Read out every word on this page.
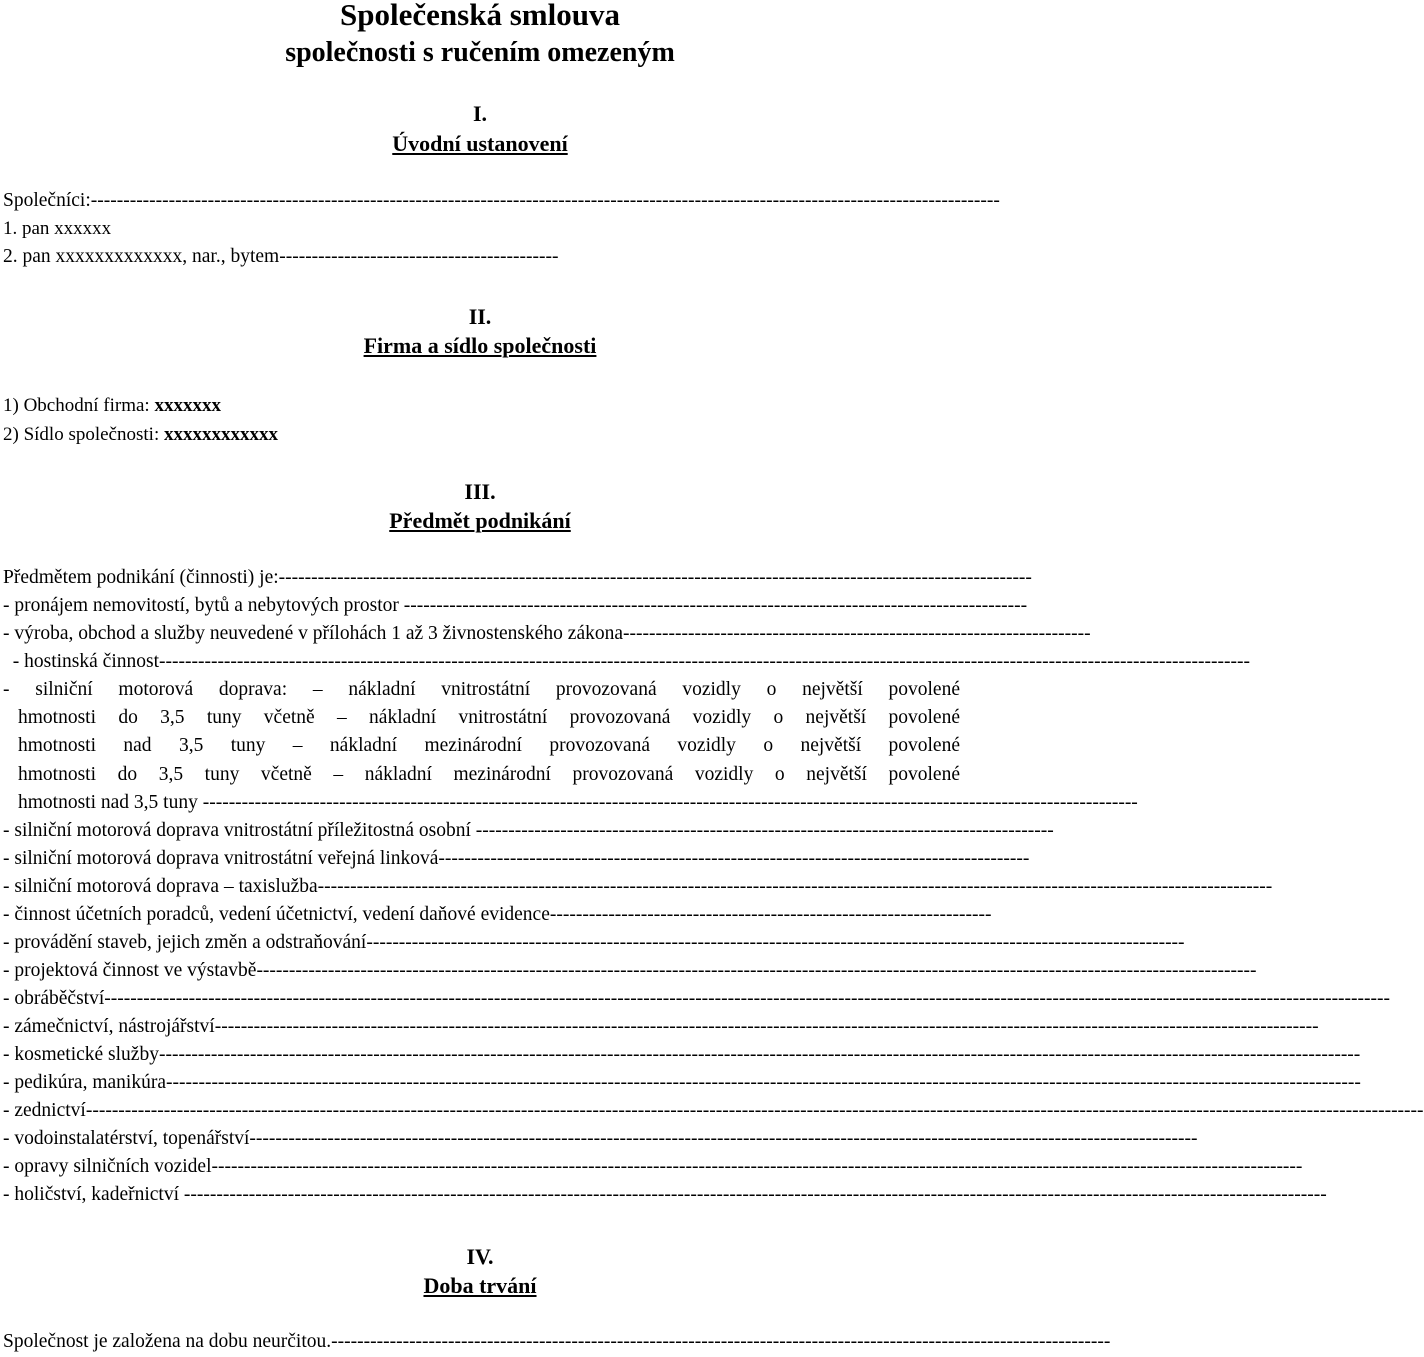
Společenská smlouva
společnosti s ručením omezeným
I.
Úvodní ustanovení
Společníci:--------------------------------------------------------------------------------------------------------------------------------------------
1. pan xxxxxx
2. pan xxxxxxxxxxxxx, nar., bytem-------------------------------------------
II.
Firma a sídlo společnosti
1) Obchodní firma: xxxxxxx
2) Sídlo společnosti: xxxxxxxxxxxx
III.
Předmět podnikání
Předmětem podnikání (činnosti) je:--------------------------------------------------------------------------------------------------------------------
- pronájem nemovitostí, bytů a nebytových prostor ------------------------------------------------------------------------------------------------
- výroba, obchod a služby neuvedené v přílohách 1 až 3 živnostenského zákona------------------------------------------------------------------------
- hostinská činnost------------------------------------------------------------------------------------------------------------------------------------------------------------------------
- silniční motorová doprava: – nákladní vnitrostátní provozovaná vozidly o největší povolené
hmotnosti do 3,5 tuny včetně – nákladní vnitrostátní provozovaná vozidly o největší povolené
hmotnosti nad 3,5 tuny – nákladní mezinárodní provozovaná vozidly o největší povolené
hmotnosti do 3,5 tuny včetně – nákladní mezinárodní provozovaná vozidly o největší povolené
hmotnosti nad 3,5 tuny ------------------------------------------------------------------------------------------------------------------------------------------------
- silniční motorová doprava vnitrostátní příležitostná osobní -----------------------------------------------------------------------------------------
- silniční motorová doprava vnitrostátní veřejná linková-------------------------------------------------------------------------------------------
- silniční motorová doprava – taxislužba---------------------------------------------------------------------------------------------------------------------------------------------------
- činnost účetních poradců, vedení účetnictví, vedení daňové evidence--------------------------------------------------------------------
- provádění staveb, jejich změn a odstraňování------------------------------------------------------------------------------------------------------------------------------
- projektová činnost ve výstavbě----------------------------------------------------------------------------------------------------------------------------------------------------------
- obráběčství------------------------------------------------------------------------------------------------------------------------------------------------------------------------------------------------------
- zámečnictví, nástrojářství--------------------------------------------------------------------------------------------------------------------------------------------------------------------------
- kosmetické služby-----------------------------------------------------------------------------------------------------------------------------------------------------------------------------------------
- pedikúra, manikúra----------------------------------------------------------------------------------------------------------------------------------------------------------------------------------------
- zednictví--------------------------------------------------------------------------------------------------------------------------------------------------------------------------------------------------------------
- vodoinstalatérství, topenářství--------------------------------------------------------------------------------------------------------------------------------------------------
- opravy silničních vozidel------------------------------------------------------------------------------------------------------------------------------------------------------------------------
- holičství, kadeřnictví --------------------------------------------------------------------------------------------------------------------------------------------------------------------------------
IV.
Doba trvání
Společnost je založena na dobu neurčitou.------------------------------------------------------------------------------------------------------------------------
